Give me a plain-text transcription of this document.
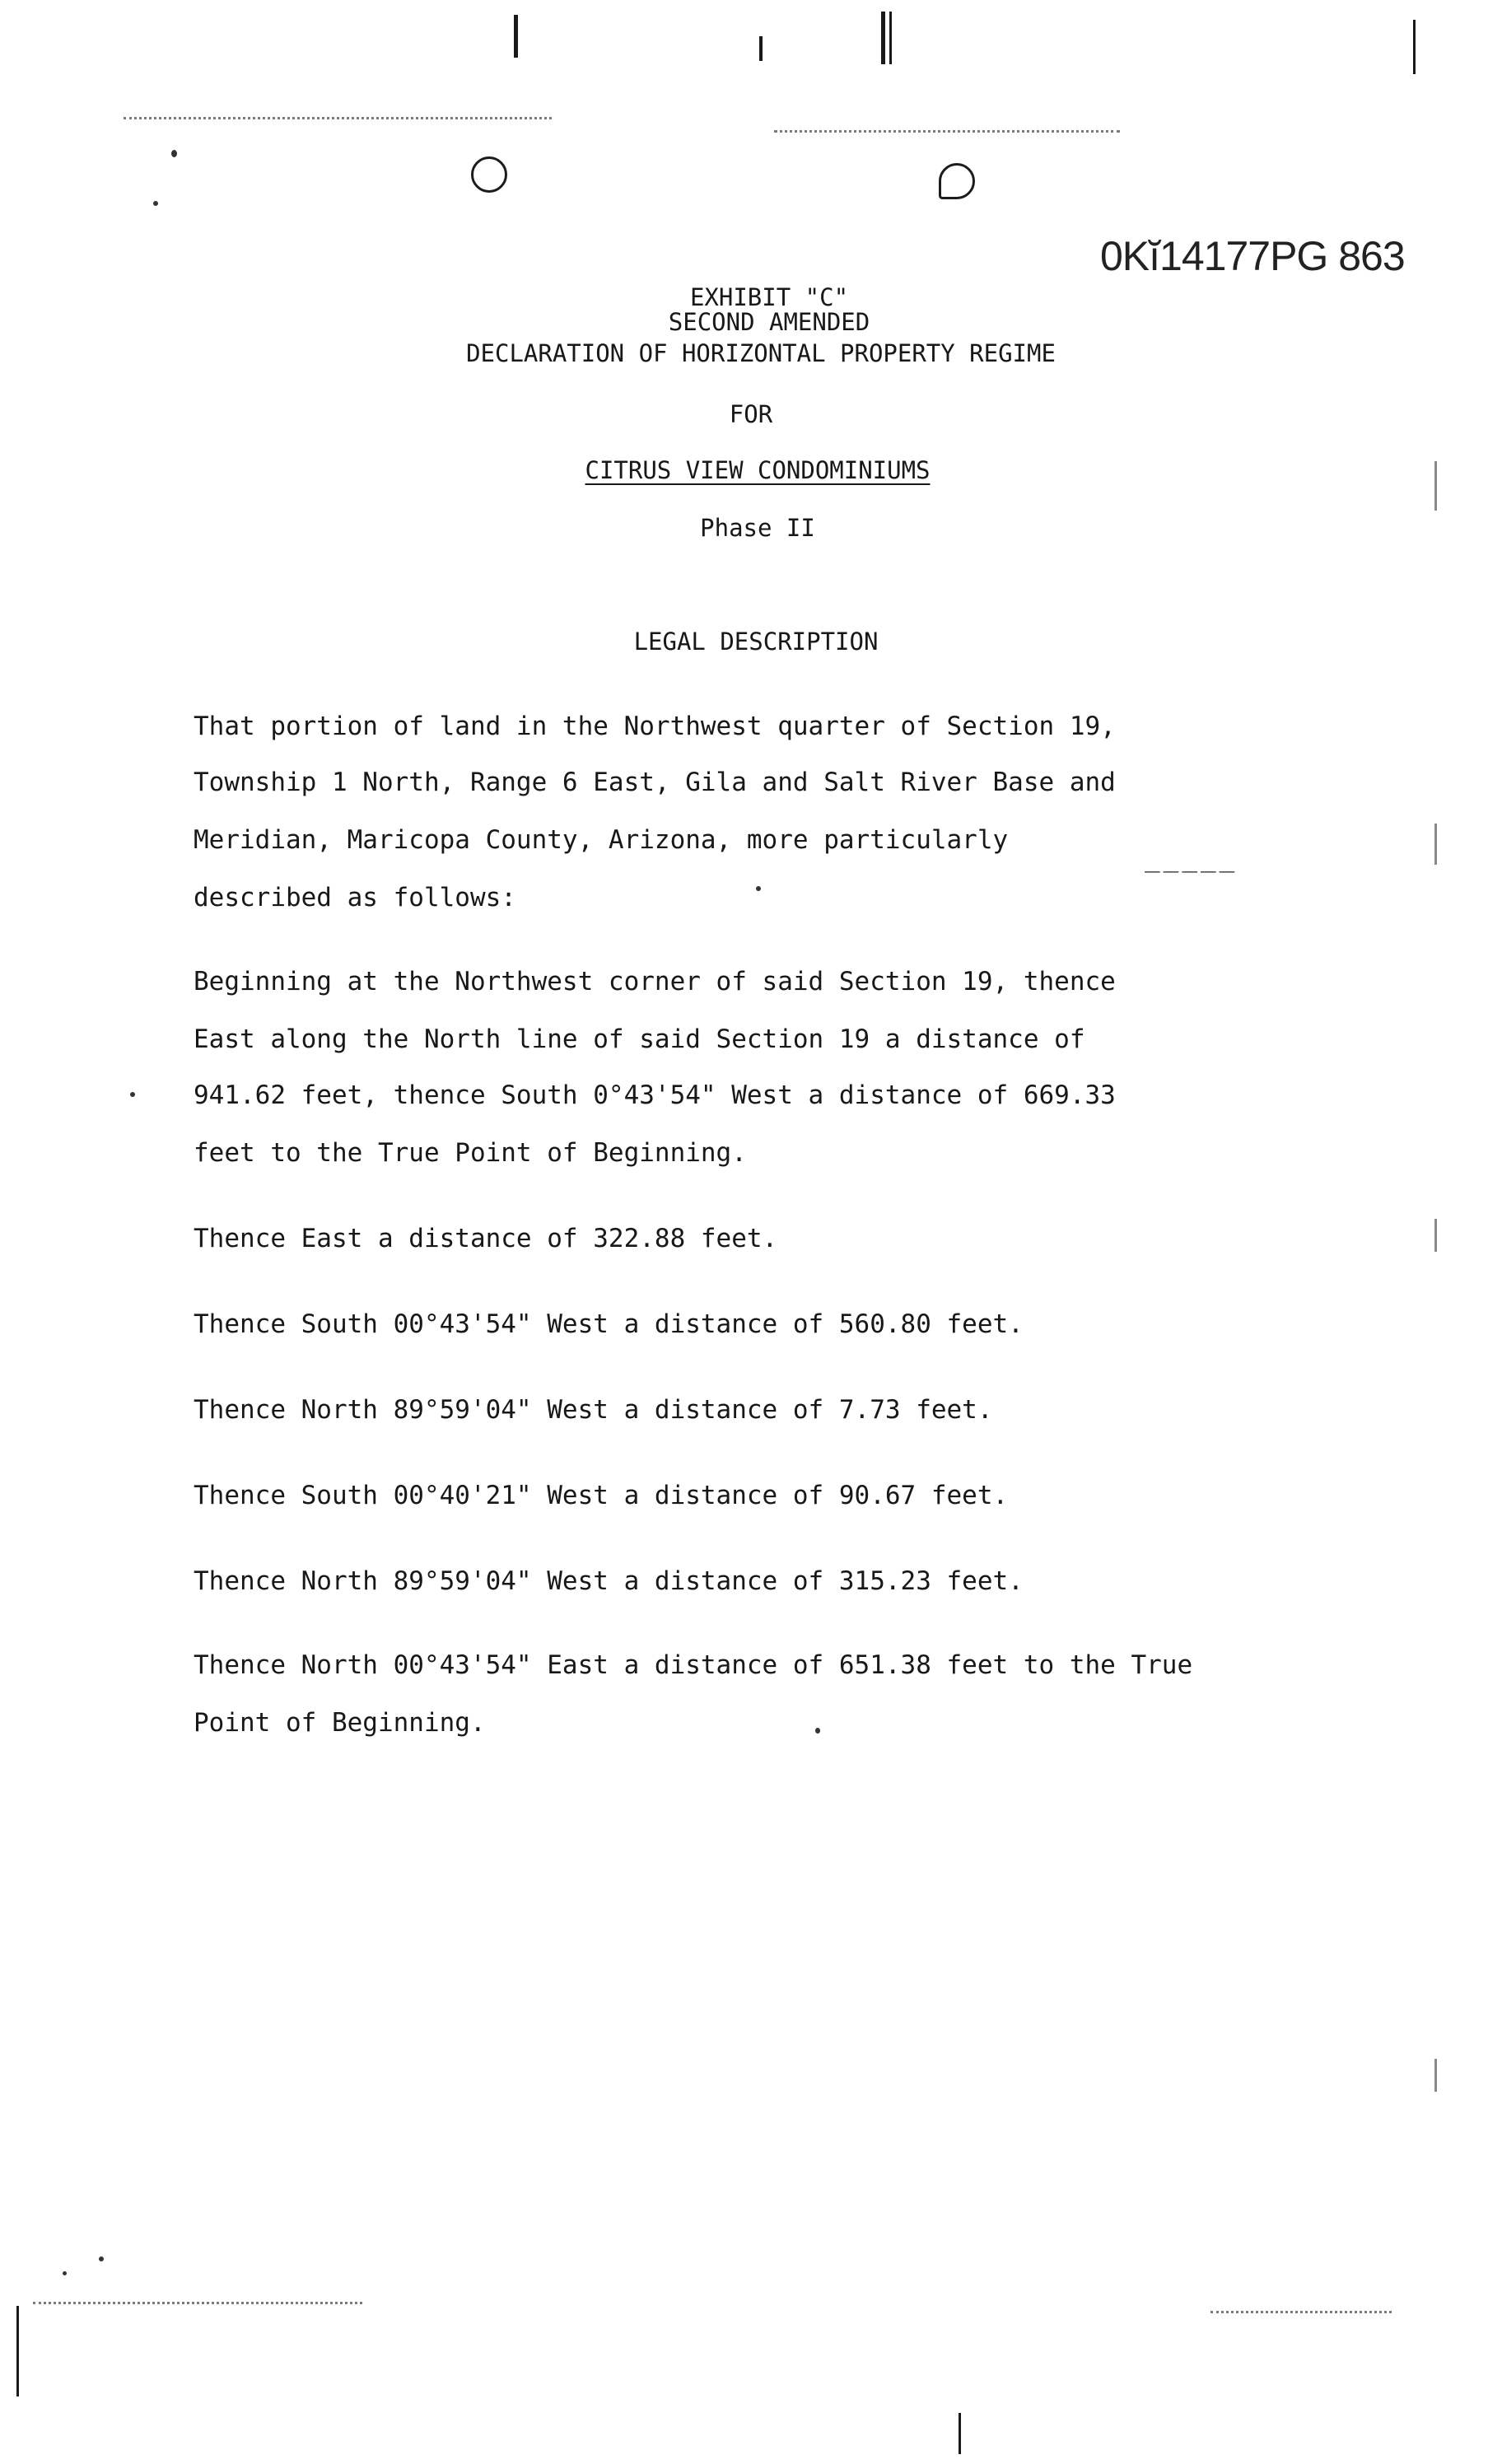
0Kĭ14177PG 863
EXHIBIT "C"
SECOND AMENDED
DECLARATION OF HORIZONTAL PROPERTY REGIME
FOR
CITRUS VIEW CONDOMINIUMS
Phase II
LEGAL DESCRIPTION
That portion of land in the Northwest quarter of Section 19,
Township 1 North, Range 6 East, Gila and Salt River Base and
Meridian, Maricopa County, Arizona, more particularly
_____
described as follows:
Beginning at the Northwest corner of said Section 19, thence
East along the North line of said Section 19 a distance of
941.62 feet, thence South 0°43'54" West a distance of 669.33
feet to the True Point of Beginning.
Thence East a distance of 322.88 feet.
Thence South 00°43'54" West a distance of 560.80 feet.
Thence North 89°59'04" West a distance of 7.73 feet.
Thence South 00°40'21" West a distance of 90.67 feet.
Thence North 89°59'04" West a distance of 315.23 feet.
Thence North 00°43'54" East a distance of 651.38 feet to the True
Point of Beginning.
